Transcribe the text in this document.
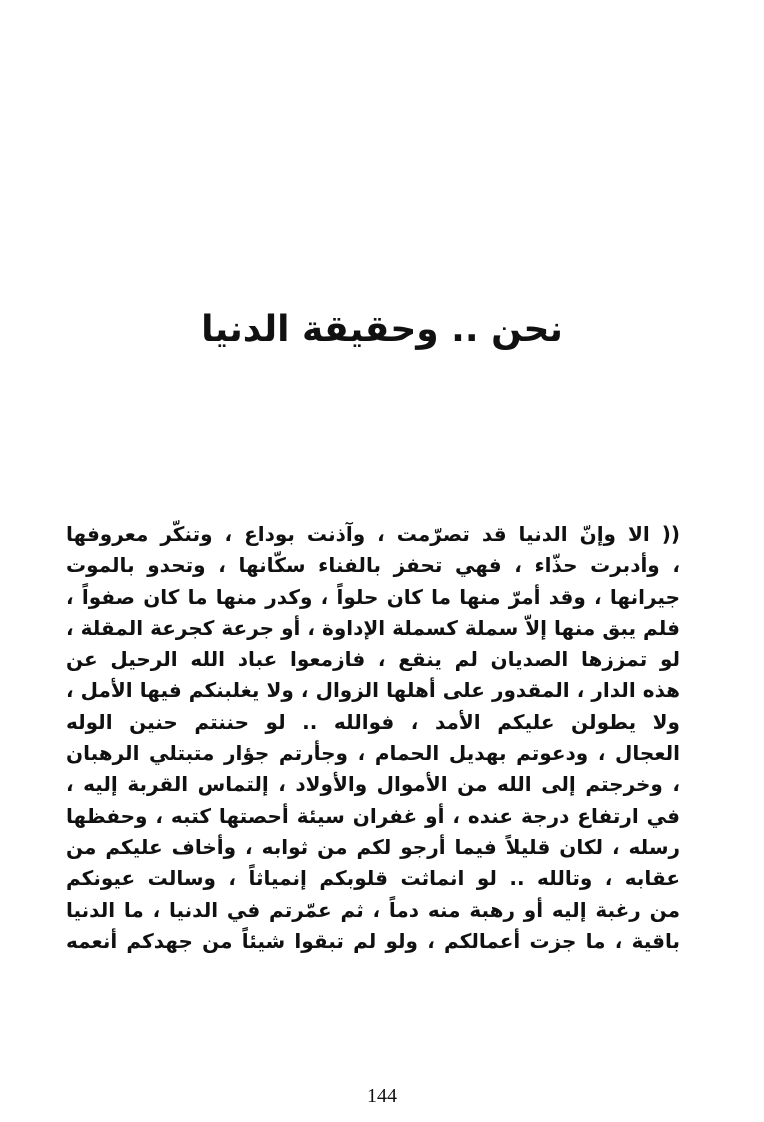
نحن .. وحقيقة الدنيا
(( الا وإنّ الدنيا قد تصرّمت ، وآذنت بوداع ، وتنكّر معروفها
، وأدبرت حذّاء ، فهي تحفز بالفناء سكّانها ، وتحدو بالموت
جيرانها ، وقد أمرّ منها ما كان حلواً ، وكدر منها ما كان صفواً ،
فلم يبق منها إلاّ سملة كسملة الإداوة ، أو جرعة كجرعة المقلة ،
لو تمززها الصديان لم ينقع ، فازمعوا عباد الله الرحيل عن
هذه الدار ، المقدور على أهلها الزوال ، ولا يغلبنكم فيها الأمل ،
ولا يطولن عليكم الأمد ، فوالله .. لو حننتم حنين الوله
العجال ، ودعوتم بهديل الحمام ، وجأرتم جؤار متبتلي الرهبان
، وخرجتم إلى الله من الأموال والأولاد ، إلتماس القربة إليه ،
في ارتفاع درجة عنده ، أو غفران سيئة أحصتها كتبه ، وحفظها
رسله ، لكان قليلاً فيما أرجو لكم من ثوابه ، وأخاف عليكم من
عقابه ، وتالله .. لو انماثت قلوبكم إنمياثاً ، وسالت عيونكم
من رغبة إليه أو رهبة منه دماً ، ثم عمّرتم في الدنيا ، ما الدنيا
باقية ، ما جزت أعمالكم ، ولو لم تبقوا شيئاً من جهدكم أنعمه
144
